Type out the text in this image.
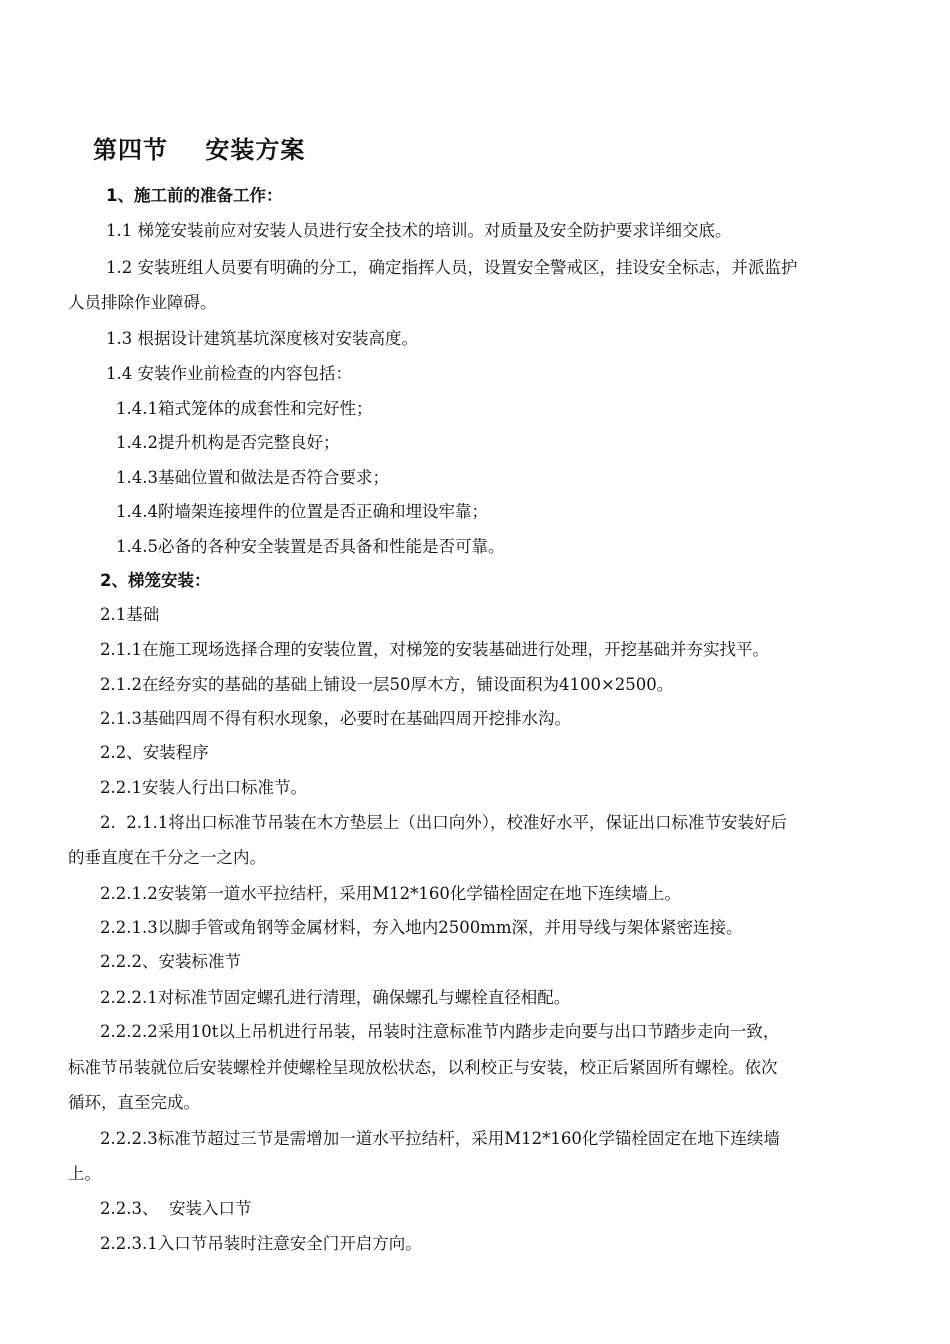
第四节    安装方案

1、施工前的准备工作：

1.1 梯笼安装前应对安装人员进行安全技术的培训。对质量及安全防护要求详细交底。

1.2 安装班组人员要有明确的分工，确定指挥人员，设置安全警戒区，挂设安全标志，并派监护

人员排除作业障碍。

1.3 根据设计建筑基坑深度核对安装高度。

1.4 安装作业前检查的内容包括：

1.4.1箱式笼体的成套性和完好性；

1.4.2提升机构是否完整良好；

1.4.3基础位置和做法是否符合要求；

1.4.4附墙架连接埋件的位置是否正确和埋设牢靠；

1.4.5必备的各种安全装置是否具备和性能是否可靠。

2、梯笼安装：

2.1基础

2.1.1在施工现场选择合理的安装位置，对梯笼的安装基础进行处理，开挖基础并夯实找平。

2.1.2在经夯实的基础的基础上铺设一层50厚木方，铺设面积为4100×2500。

2.1.3基础四周不得有积水现象，必要时在基础四周开挖排水沟。

2.2、安装程序

2.2.1安装人行出口标准节。

2.  2.1.1将出口标准节吊装在木方垫层上（出口向外），校准好水平，保证出口标准节安装好后

的垂直度在千分之一之内。

2.2.1.2安装第一道水平拉结杆，采用M12*160化学锚栓固定在地下连续墙上。

2.2.1.3以脚手管或角钢等金属材料，夯入地内2500mm深，并用导线与架体紧密连接。

2.2.2、安装标准节

2.2.2.1对标准节固定螺孔进行清理，确保螺孔与螺栓直径相配。

2.2.2.2采用10t以上吊机进行吊装，吊装时注意标准节内踏步走向要与出口节踏步走向一致，

标准节吊装就位后安装螺栓并使螺栓呈现放松状态，以利校正与安装，校正后紧固所有螺栓。依次

循环，直至完成。

2.2.2.3标准节超过三节是需增加一道水平拉结杆，采用M12*160化学锚栓固定在地下连续墙

上。

2.2.3、  安装入口节

2.2.3.1入口节吊装时注意安全门开启方向。
